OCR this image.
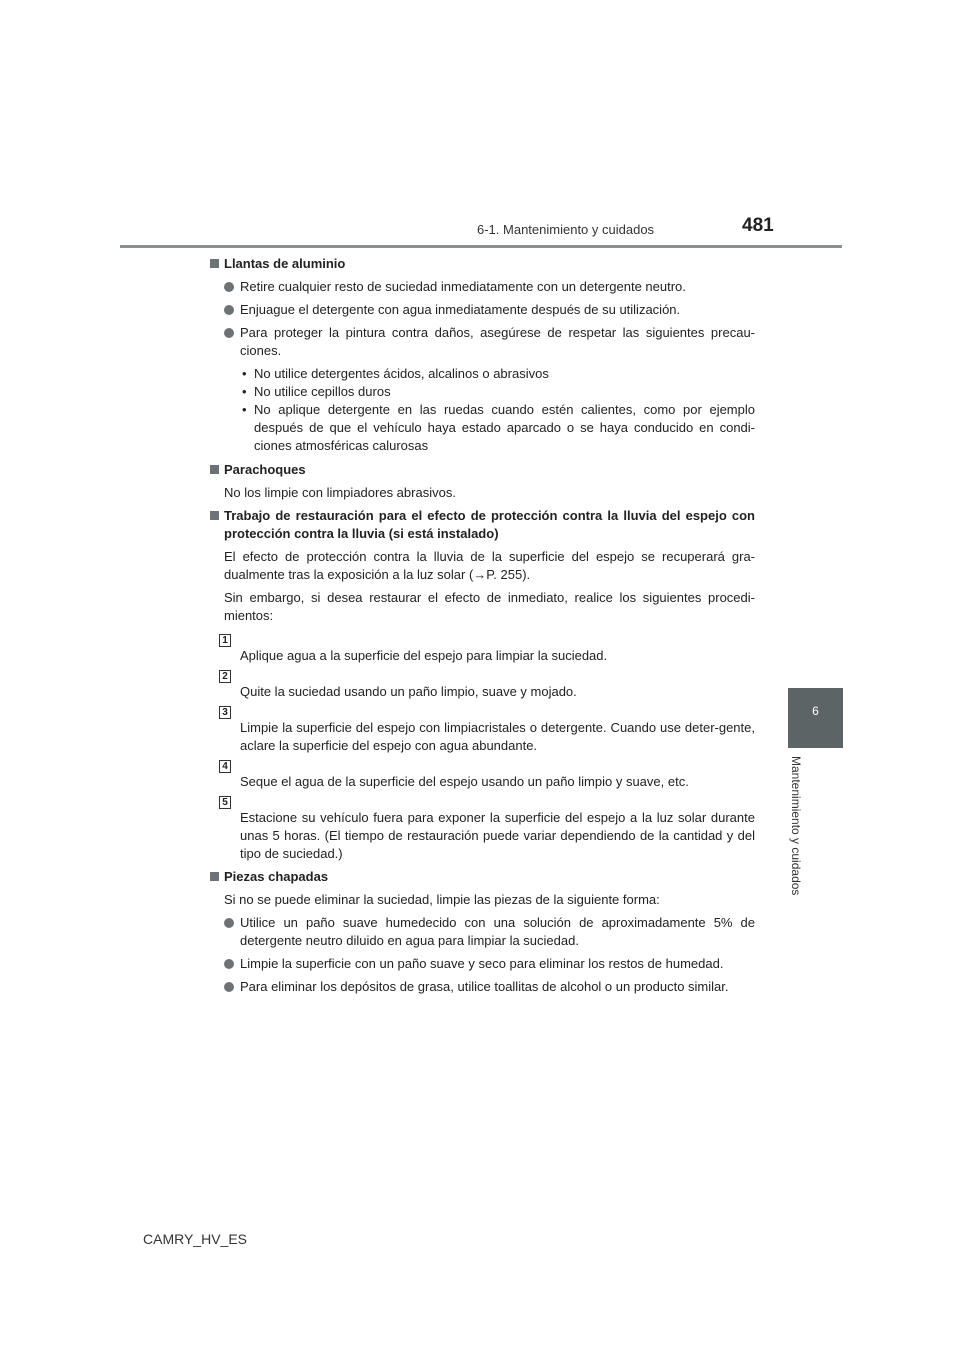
6-1. Mantenimiento y cuidados	481
6
Mantenimiento y cuidados
Llantas de aluminio
Retire cualquier resto de suciedad inmediatamente con un detergente neutro.
Enjuague el detergente con agua inmediatamente después de su utilización.
Para proteger la pintura contra daños, asegúrese de respetar las siguientes precau-ciones.
• No utilice detergentes ácidos, alcalinos o abrasivos
• No utilice cepillos duros
• No aplique detergente en las ruedas cuando estén calientes, como por ejemplo después de que el vehículo haya estado aparcado o se haya conducido en condi-ciones atmosféricas calurosas
Parachoques
No los limpie con limpiadores abrasivos.
Trabajo de restauración para el efecto de protección contra la lluvia del espejo con protección contra la lluvia (si está instalado)
El efecto de protección contra la lluvia de la superficie del espejo se recuperará gra-dualmente tras la exposición a la luz solar (→P. 255).
Sin embargo, si desea restaurar el efecto de inmediato, realice los siguientes procedi-mientos:
1
Aplique agua a la superficie del espejo para limpiar la suciedad.
2
Quite la suciedad usando un paño limpio, suave y mojado.
3
Limpie la superficie del espejo con limpiacristales o detergente. Cuando use deter-gente, aclare la superficie del espejo con agua abundante.
4
Seque el agua de la superficie del espejo usando un paño limpio y suave, etc.
5
Estacione su vehículo fuera para exponer la superficie del espejo a la luz solar durante unas 5 horas. (El tiempo de restauración puede variar dependiendo de la cantidad y del tipo de suciedad.)
Piezas chapadas
Si no se puede eliminar la suciedad, limpie las piezas de la siguiente forma:
Utilice un paño suave humedecido con una solución de aproximadamente 5% de detergente neutro diluido en agua para limpiar la suciedad.
Limpie la superficie con un paño suave y seco para eliminar los restos de humedad.
Para eliminar los depósitos de grasa, utilice toallitas de alcohol o un producto similar.
CAMRY_HV_ES
